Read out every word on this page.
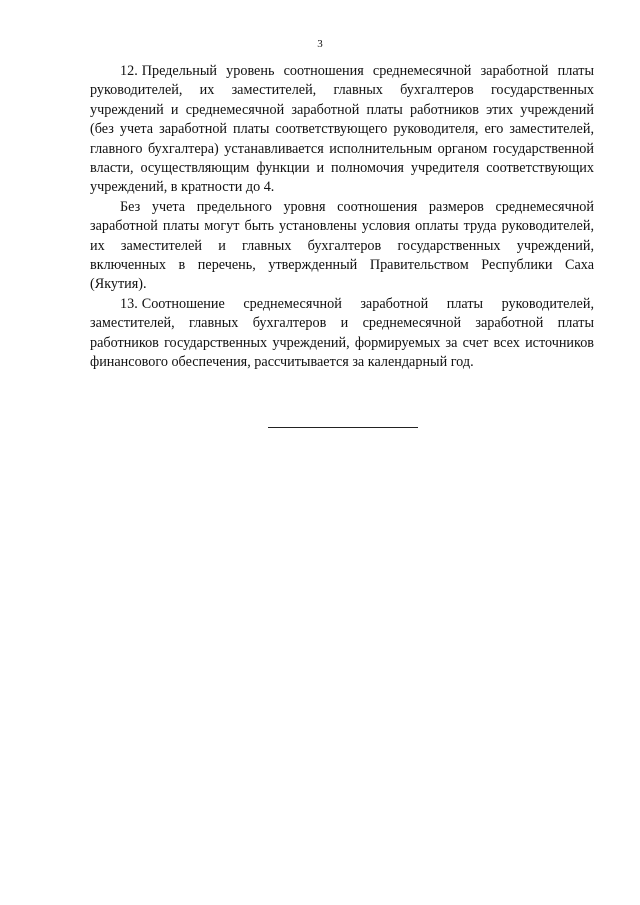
3

12. Предельный уровень соотношения среднемесячной заработной платы руководителей, их заместителей, главных бухгалтеров государственных учреждений и среднемесячной заработной платы работников этих учреждений (без учета заработной платы соответствующего руководителя, его заместителей, главного бухгалтера) устанавливается исполнительным органом государственной власти, осуществляющим функции и полномочия учредителя соответствующих учреждений, в кратности до 4.

Без учета предельного уровня соотношения размеров среднемесячной заработной платы могут быть установлены условия оплаты труда руководителей, их заместителей и главных бухгалтеров государственных учреждений, включенных в перечень, утвержденный Правительством Республики Саха (Якутия).

13. Соотношение среднемесячной заработной платы руководителей, заместителей, главных бухгалтеров и среднемесячной заработной платы работников государственных учреждений, формируемых за счет всех источников финансового обеспечения, рассчитывается за календарный год.
